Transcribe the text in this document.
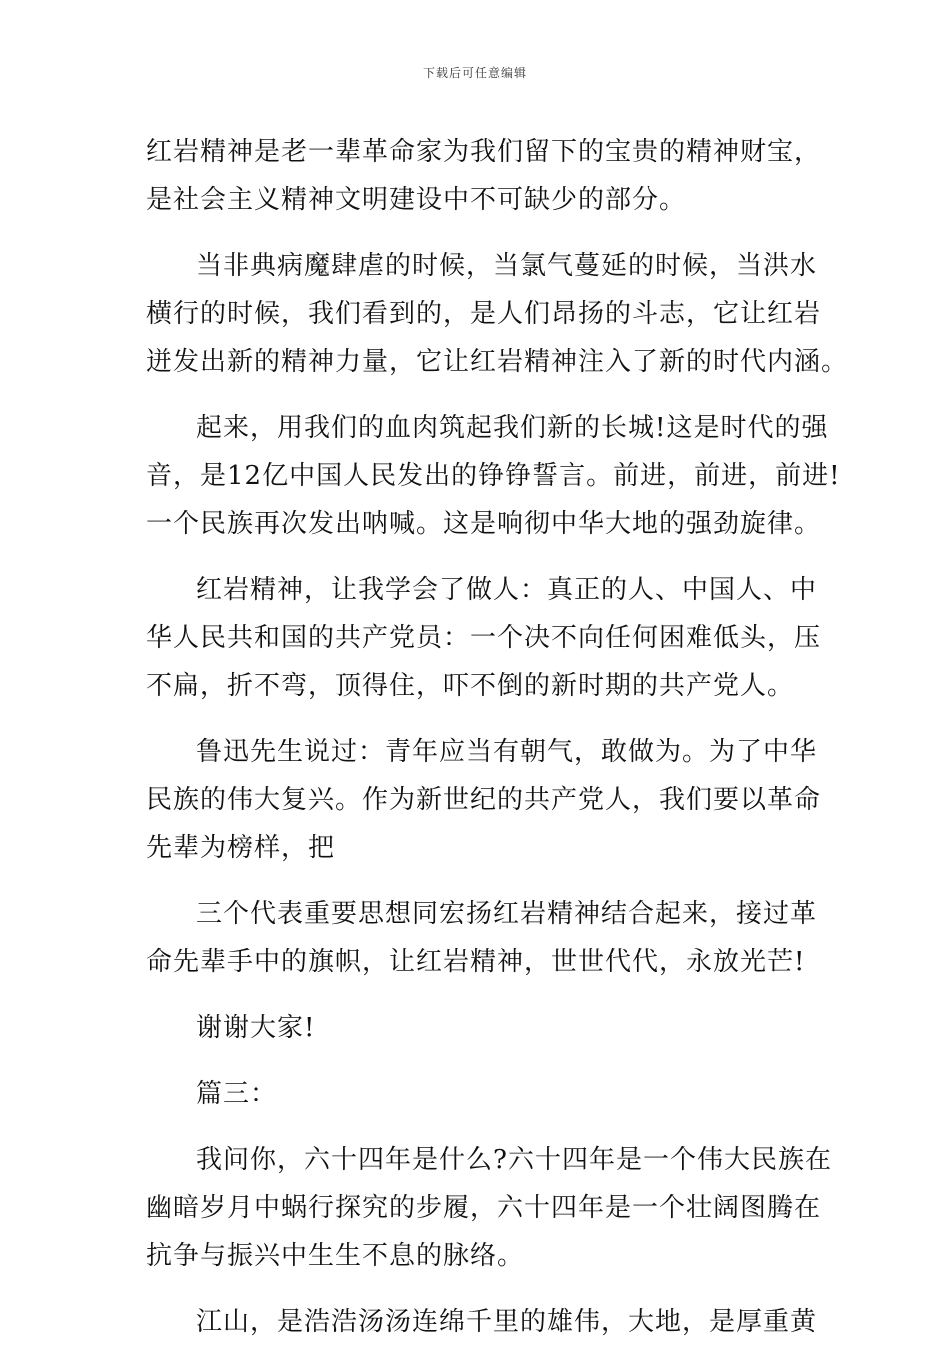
下载后可任意编辑
红岩精神是老一辈革命家为我们留下的宝贵的精神财宝，
是社会主义精神文明建设中不可缺少的部分。
当非典病魔肆虐的时候，当氯气蔓延的时候，当洪水
横行的时候，我们看到的，是人们昂扬的斗志，它让红岩
迸发出新的精神力量，它让红岩精神注入了新的时代内涵。
起来，用我们的血肉筑起我们新的长城!这是时代的强
音，是12亿中国人民发出的铮铮誓言。前进，前进，前进!
一个民族再次发出呐喊。这是响彻中华大地的强劲旋律。
红岩精神，让我学会了做人：真正的人、中国人、中
华人民共和国的共产党员：一个决不向任何困难低头，压
不扁，折不弯，顶得住，吓不倒的新时期的共产党人。
鲁迅先生说过：青年应当有朝气，敢做为。为了中华
民族的伟大复兴。作为新世纪的共产党人，我们要以革命
先辈为榜样，把
三个代表重要思想同宏扬红岩精神结合起来，接过革
命先辈手中的旗帜，让红岩精神，世世代代，永放光芒!
谢谢大家!
篇三：
我问你，六十四年是什么?六十四年是一个伟大民族在
幽暗岁月中蜗行探究的步履，六十四年是一个壮阔图腾在
抗争与振兴中生生不息的脉络。
江山，是浩浩汤汤连绵千里的雄伟，大地，是厚重黄
